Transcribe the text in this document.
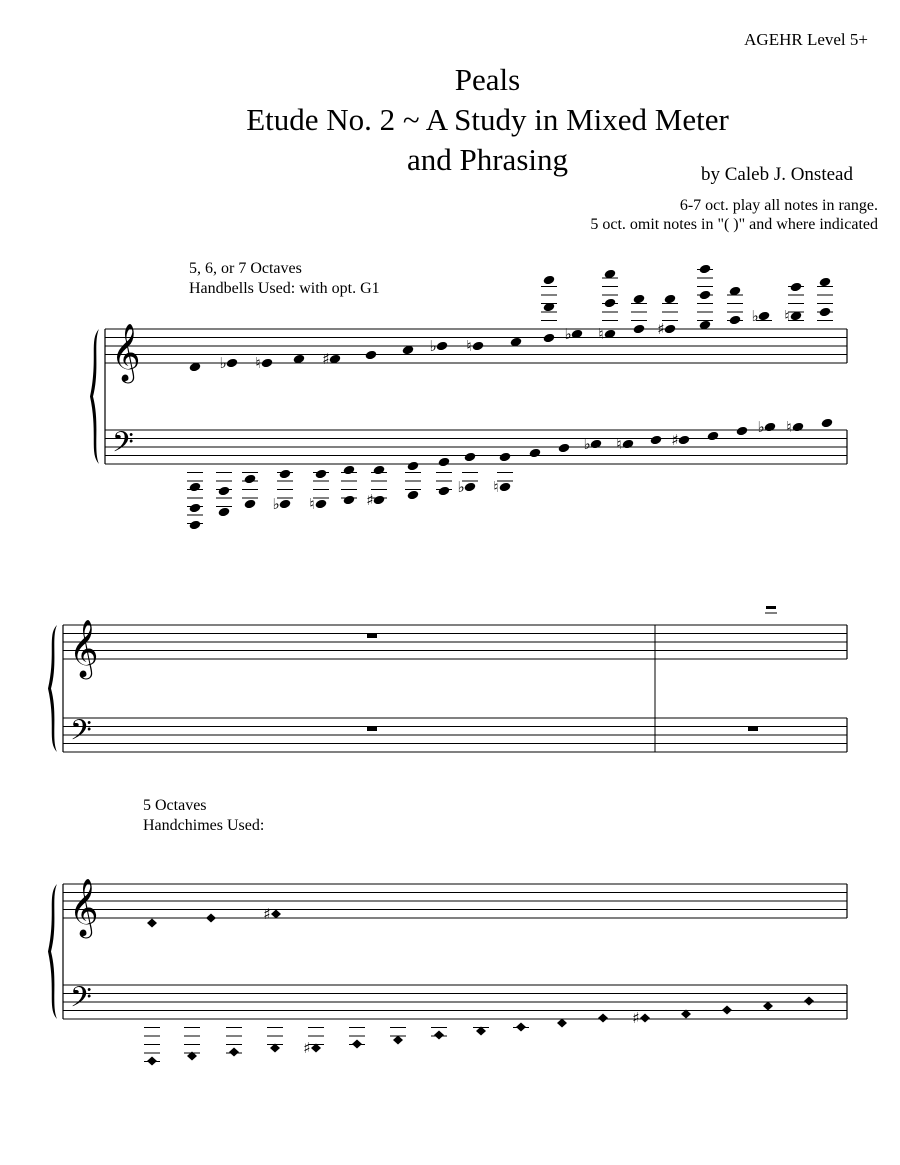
AGEHR Level 5+
Peals
Etude No. 2 ~ A Study in Mixed Meter
and Phrasing	by Caleb J. Onstead
6-7 oct. play all notes in range.
5 oct. omit notes in "( )" and where indicated
5, 6, or 7 Octaves
Handbells Used: with opt. G1
5 Octaves
Handchimes Used:
𝄞
𝄢
♭ ♮	♯
♭ ♮
♭ ♮	♯
♭ ♮
♭ ♮	♯
♭ ♮
♭ ♮	♯
♭ ♮
𝄞
𝄢
𝄞
𝄢
♯
♯
♯
